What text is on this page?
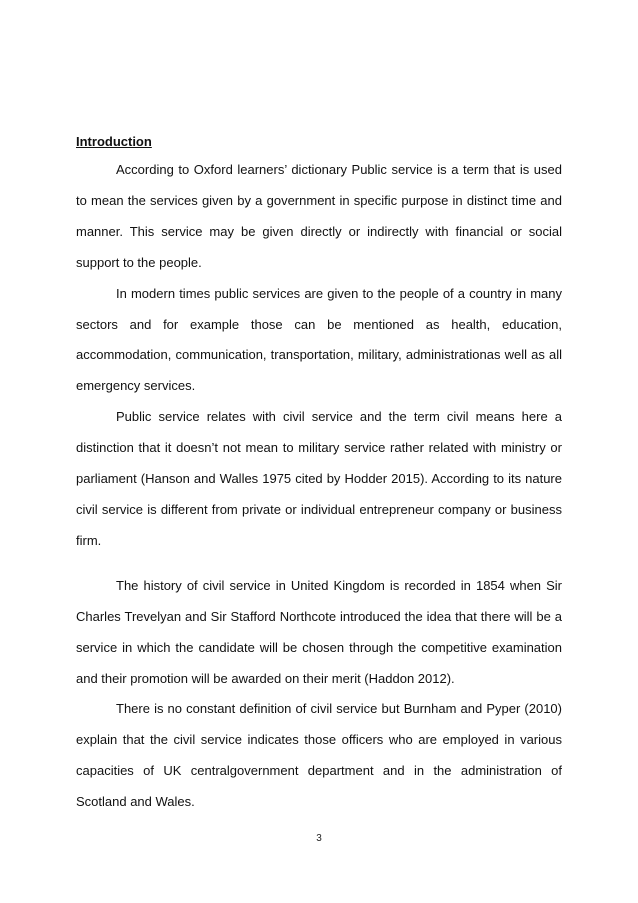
Introduction

According to Oxford learners’ dictionary Public service is a term that is used to mean the services given by a government in specific purpose in distinct time and manner. This service may be given directly or indirectly with financial or social support to the people.

In modern times public services are given to the people of a country in many sectors and for example those can be mentioned as health, education, accommodation, communication, transportation, military, administrationas well as all emergency services.

Public service relates with civil service and the term civil means here a distinction that it doesn’t not mean to military service rather related with ministry or parliament (Hanson and Walles 1975 cited by Hodder 2015). According to its nature civil service is different from private or individual entrepreneur company or business firm.

The history of civil service in United Kingdom is recorded in 1854 when Sir Charles Trevelyan and Sir Stafford Northcote introduced the idea that there will be a service in which the candidate will be chosen through the competitive examination and their promotion will be awarded on their merit (Haddon 2012).

There is no constant definition of civil service but Burnham and Pyper (2010) explain that the civil service indicates those officers who are employed in various capacities of UK centralgovernment department and in the administration of Scotland and Wales.

3
